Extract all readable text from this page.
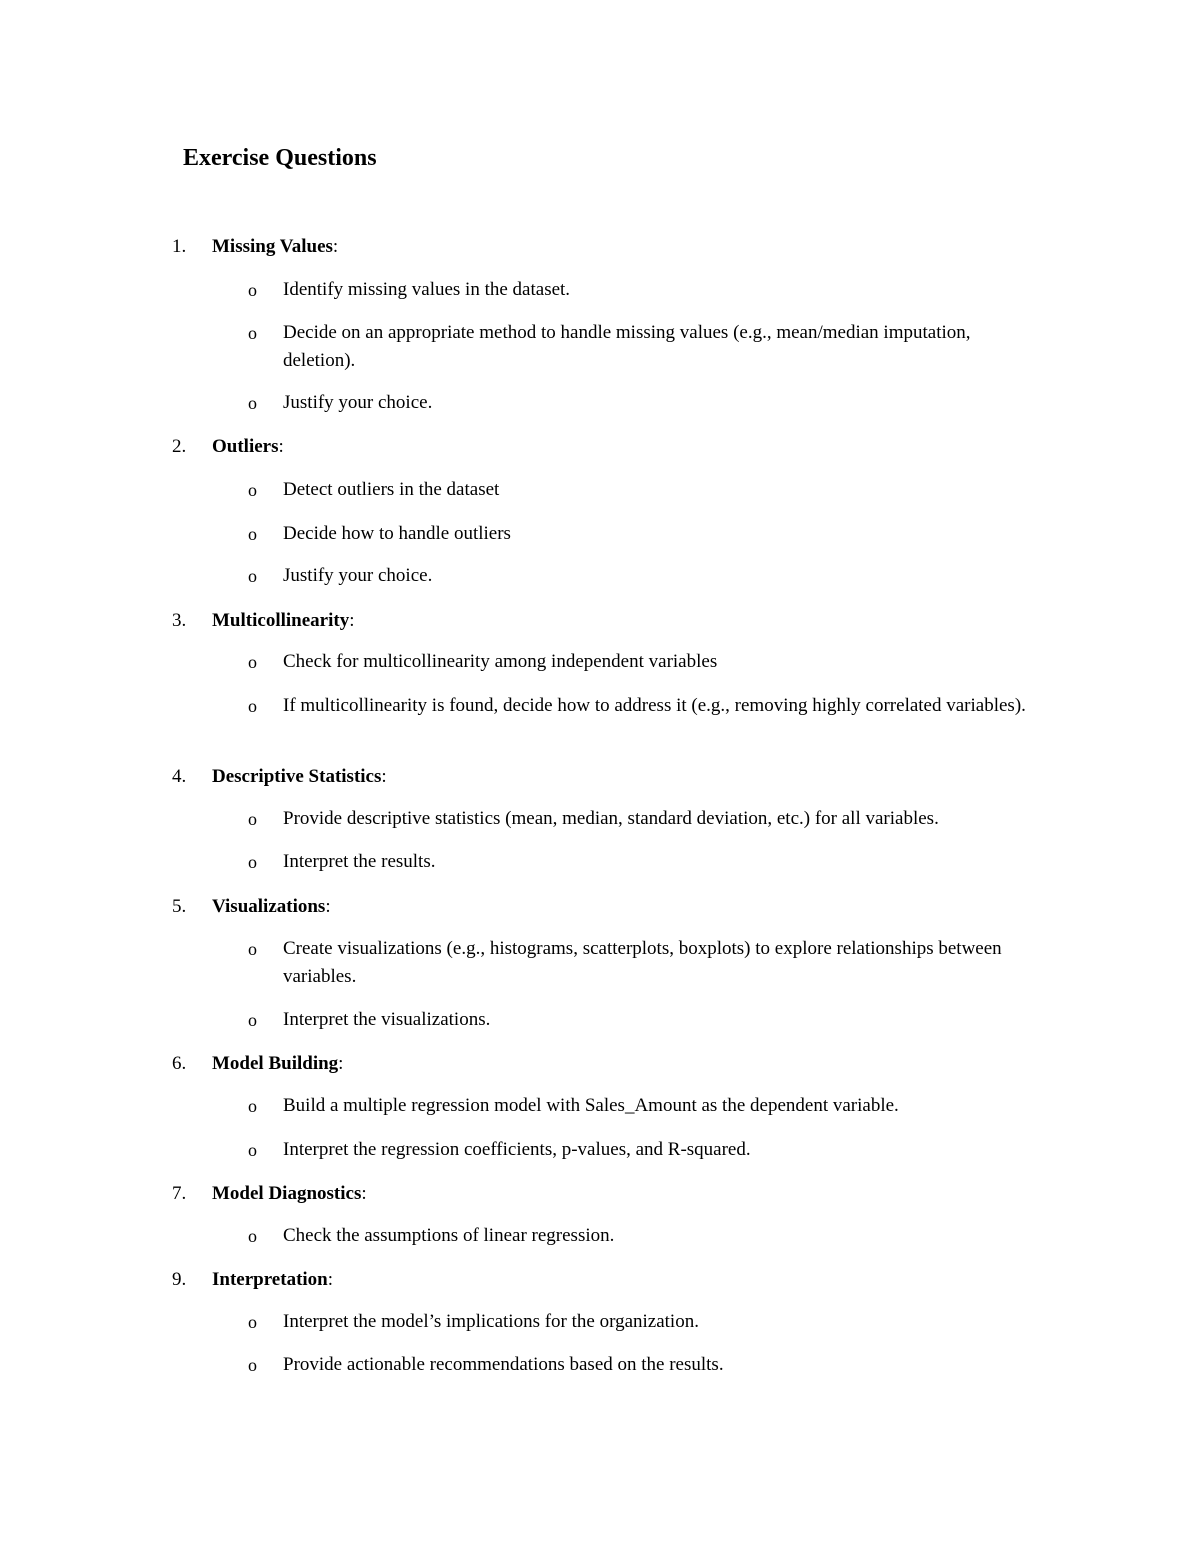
Exercise Questions
1.	Missing Values:
o Identify missing values in the dataset.
o Decide on an appropriate method to handle missing values (e.g., mean/median imputation, deletion).
o Justify your choice.
2.	Outliers:
o Detect outliers in the dataset
o Decide how to handle outliers
o Justify your choice.
3.	Multicollinearity:
o Check for multicollinearity among independent variables
o If multicollinearity is found, decide how to address it (e.g., removing highly correlated variables).
4.	Descriptive Statistics:
o Provide descriptive statistics (mean, median, standard deviation, etc.) for all variables.
o Interpret the results.
5.	Visualizations:
o Create visualizations (e.g., histograms, scatterplots, boxplots) to explore relationships between variables.
o Interpret the visualizations.
6.	Model Building:
o Build a multiple regression model with Sales_Amount as the dependent variable.
o Interpret the regression coefficients, p-values, and R-squared.
7.	Model Diagnostics:
o Check the assumptions of linear regression.
9.	Interpretation:
o Interpret the model’s implications for the organization.
o Provide actionable recommendations based on the results.
